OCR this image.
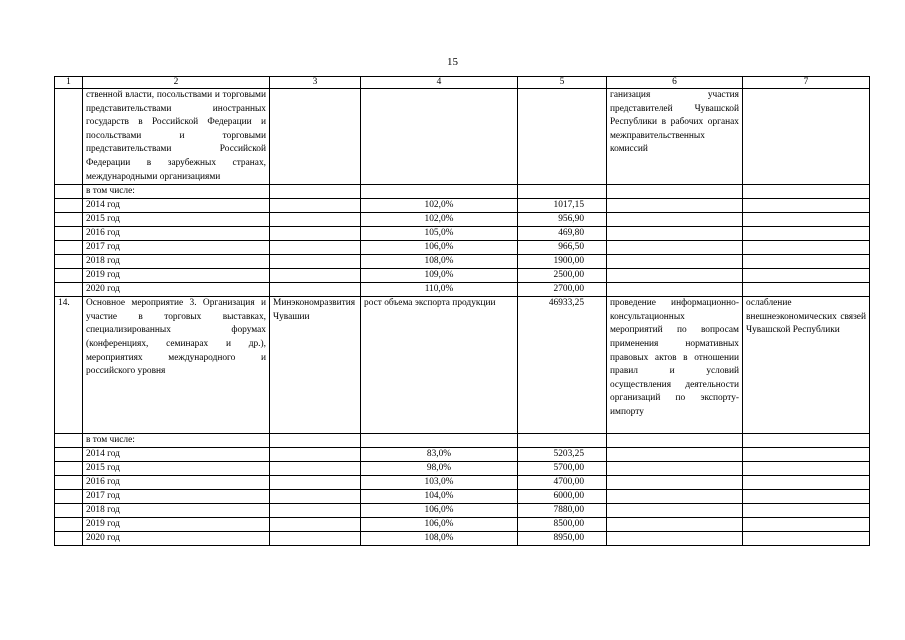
15
1	2	3	4	5	6	7
	ственной власти, посольствами и торговыми представительствами иностранных государств в Российской Федерации и посольствами и торговыми представительствами Российской Федерации в зарубежных странах, международными организациями				ганизация участия представителей Чувашской Республики в рабочих органах межправительственных комиссий	
	в том числе:					
	2014 год		102,0%	1017,15		
	2015 год		102,0%	956,90		
	2016 год		105,0%	469,80		
	2017 год		106,0%	966,50		
	2018 год		108,0%	1900,00		
	2019 год		109,0%	2500,00		
	2020 год		110,0%	2700,00		
14.	Основное мероприятие 3. Организация и участие в торговых выставках, специализированных форумах (конференциях, семинарах и др.), мероприятиях международного и российского уровня	Минэкономразвития Чувашии	рост объема экспорта продукции	46933,25	проведение информационно-консультационных мероприятий по вопросам применения нормативных правовых актов в отношении правил и условий осуществления деятельности организаций по экспорту-импорту	ослабление внешнеэкономических связей Чувашской Республики
	в том числе:					
	2014 год		83,0%	5203,25		
	2015 год		98,0%	5700,00		
	2016 год		103,0%	4700,00		
	2017 год		104,0%	6000,00		
	2018 год		106,0%	7880,00		
	2019 год		106,0%	8500,00		
	2020 год		108,0%	8950,00		
